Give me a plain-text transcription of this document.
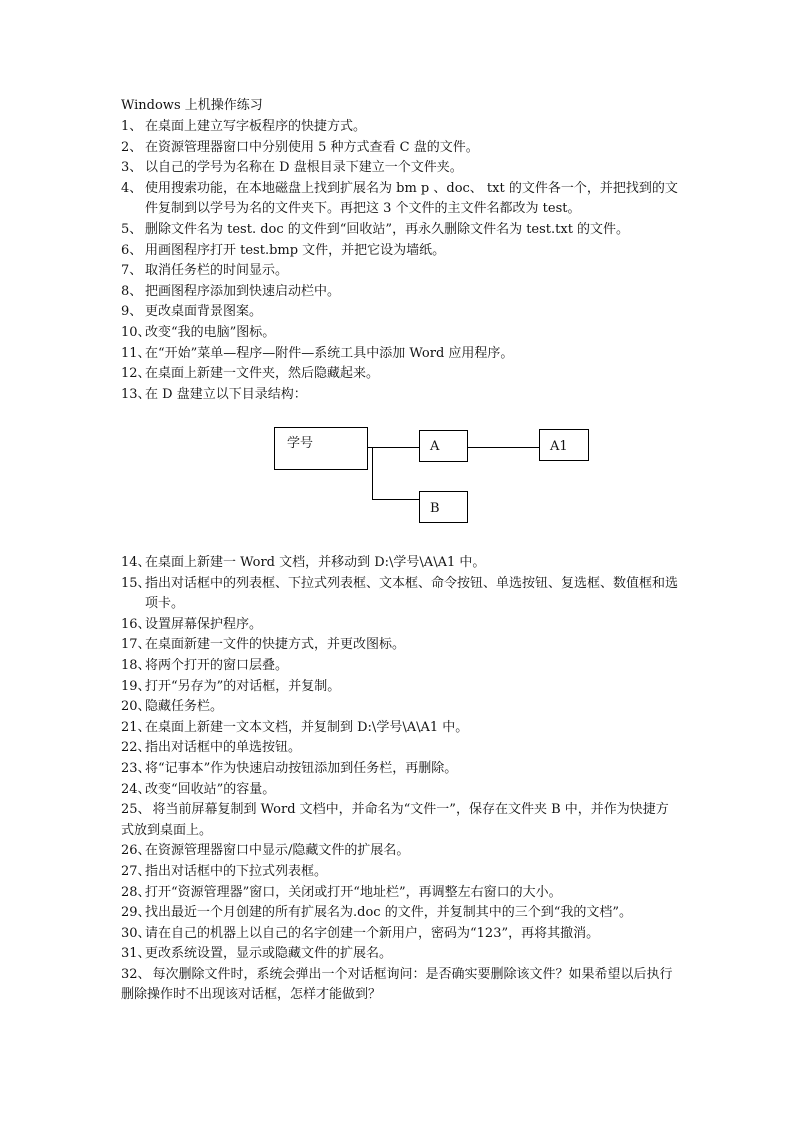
Windows 上机操作练习
1、 在桌面上建立写字板程序的快捷方式。
2、 在资源管理器窗口中分别使用 5 种方式查看 C 盘的文件。
3、 以自己的学号为名称在 D 盘根目录下建立一个文件夹。
4、 使用搜索功能，在本地磁盘上找到扩展名为 bm p 、doc、 txt 的文件各一个，并把找到的文件复制到以学号为名的文件夹下。再把这 3 个文件的主文件名都改为 test。
5、 删除文件名为 test. doc 的文件到“回收站”，再永久删除文件名为 test.txt 的文件。
6、 用画图程序打开 test.bmp 文件，并把它设为墙纸。
7、 取消任务栏的时间显示。
8、 把画图程序添加到快速启动栏中。
9、 更改桌面背景图案。
10、改变“我的电脑”图标。
11、在“开始”菜单—程序—附件—系统工具中添加 Word 应用程序。
12、在桌面上新建一文件夹，然后隐藏起来。
13、在 D 盘建立以下目录结构：
学号	A	A1
B
14、在桌面上新建一 Word 文档，并移动到 D:\学号\A\A1 中。
15、指出对话框中的列表框、下拉式列表框、文本框、命令按钮、单选按钮、复选框、数值框和选项卡。
16、设置屏幕保护程序。
17、在桌面新建一文件的快捷方式，并更改图标。
18、将两个打开的窗口层叠。
19、打开“另存为”的对话框，并复制。
20、隐藏任务栏。
21、在桌面上新建一文本文档，并复制到 D:\学号\A\A1 中。
22、指出对话框中的单选按钮。
23、将“记事本”作为快速启动按钮添加到任务栏，再删除。
24、改变“回收站”的容量。
25、 将当前屏幕复制到 Word 文档中，并命名为“文件一”，保存在文件夹 B 中，并作为快捷方式放到桌面上。
26、在资源管理器窗口中显示/隐藏文件的扩展名。
27、指出对话框中的下拉式列表框。
28、打开“资源管理器”窗口，关闭或打开“地址栏”，再调整左右窗口的大小。
29、找出最近一个月创建的所有扩展名为.doc 的文件，并复制其中的三个到“我的文档”。
30、请在自己的机器上以自己的名字创建一个新用户，密码为“123”，再将其撤消。
31、更改系统设置，显示或隐藏文件的扩展名。
32、 每次删除文件时，系统会弹出一个对话框询问：是否确实要删除该文件？如果希望以后执行删除操作时不出现该对话框，怎样才能做到？
